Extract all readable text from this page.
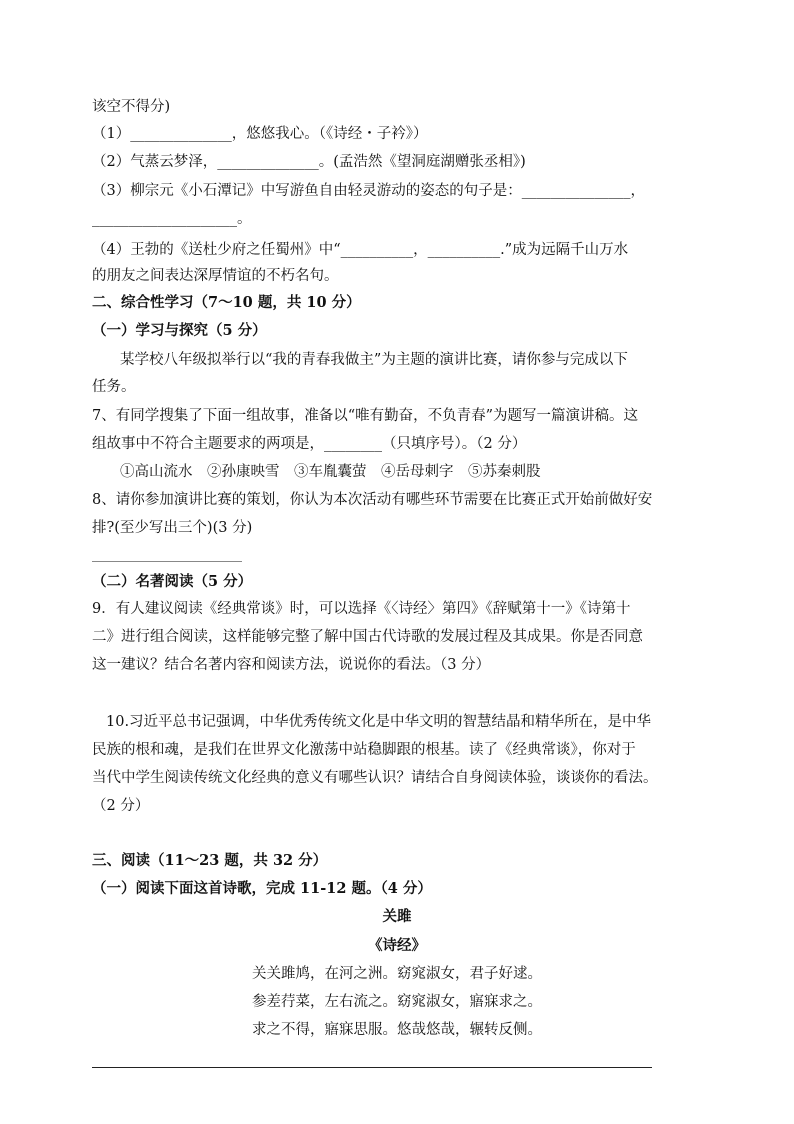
该空不得分)
（1）______________，悠悠我心。（《诗经・子衿》）
（2）气蒸云梦泽，______________。(孟浩然《望洞庭湖赠张丞相》)
（3）柳宗元《小石潭记》中写游鱼自由轻灵游动的姿态的句子是：_______________，
____________________。
（4）王勃的《送杜少府之任蜀州》中“__________，__________.”成为远隔千山万水
的朋友之间表达深厚情谊的不朽名句。
二、综合性学习（7～10 题，共 10 分）
（一）学习与探究（5 分）
某学校八年级拟举行以“我的青春我做主”为主题的演讲比赛，请你参与完成以下
任务。
7、有同学搜集了下面一组故事，准备以“唯有勤奋，不负青春”为题写一篇演讲稿。这
组故事中不符合主题要求的两项是，________（只填序号）。（2 分）
①高山流水　②孙康映雪　③车胤囊萤　④岳母刺字　⑤苏秦刺股
8、请你参加演讲比赛的策划，你认为本次活动有哪些环节需要在比赛正式开始前做好安
排?(至少写出三个)(3 分)
（二）名著阅读（5 分）
9．有人建议阅读《经典常谈》时，可以选择《〈诗经〉第四》《辞赋第十一》《诗第十
二》进行组合阅读，这样能够完整了解中国古代诗歌的发展过程及其成果。你是否同意
这一建议？结合名著内容和阅读方法，说说你的看法。（3 分）
10.习近平总书记强调，中华优秀传统文化是中华文明的智慧结晶和精华所在，是中华
民族的根和魂，是我们在世界文化激荡中站稳脚跟的根基。读了《经典常谈》，你对于
当代中学生阅读传统文化经典的意义有哪些认识？请结合自身阅读体验，谈谈你的看法。
（2 分）
三、阅读（11～23 题，共 32 分）
（一）阅读下面这首诗歌，完成 11-12 题。（4 分）
关雎
《诗经》
关关雎鸠，在河之洲。窈窕淑女，君子好逑。
参差荇菜，左右流之。窈窕淑女，寤寐求之。
求之不得，寤寐思服。悠哉悠哉，辗转反侧。
